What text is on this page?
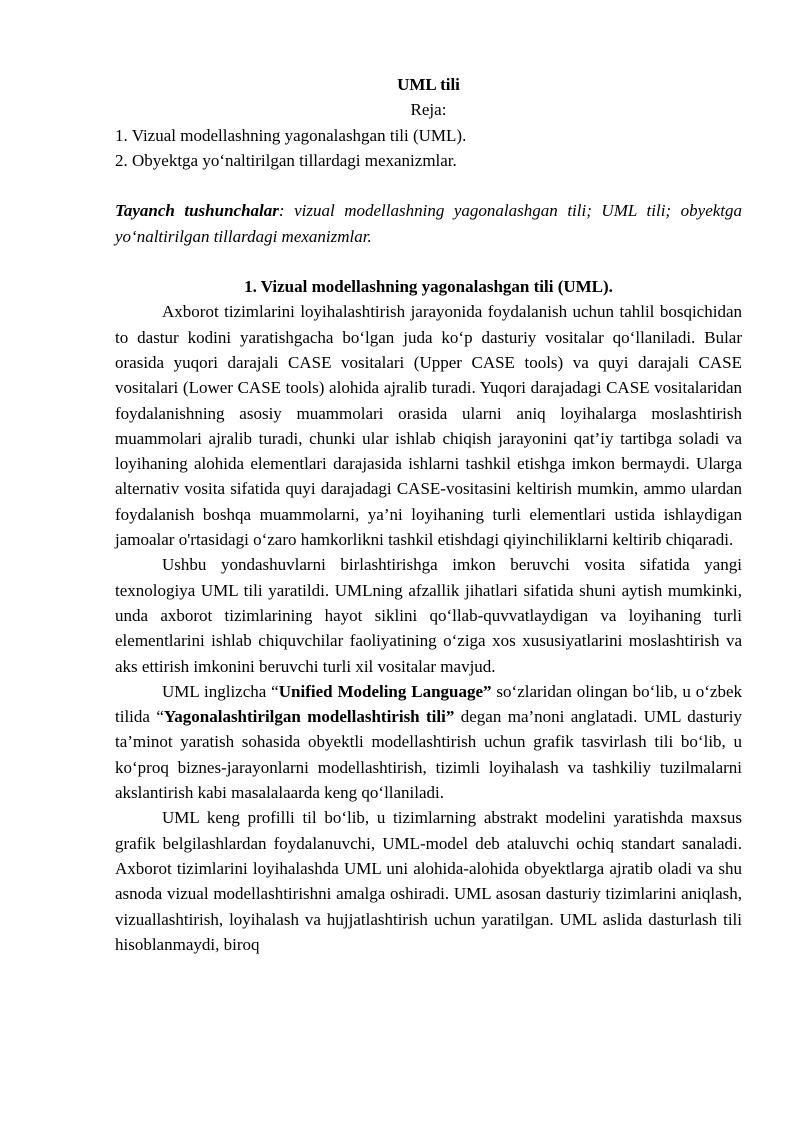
UML tili

Reja:

1. Vizual modellashning yagonalashgan tili (UML).

2. Obyektga yo‘naltirilgan tillardagi mexanizmlar.

Tayanch tushunchalar: vizual modellashning yagonalashgan tili; UML tili; obyektga yo‘naltirilgan tillardagi mexanizmlar.

1. Vizual modellashning yagonalashgan tili (UML).

Axborot tizimlarini loyihalashtirish jarayonida foydalanish uchun tahlil bosqichidan to dastur kodini yaratishgacha bo‘lgan juda ko‘p dasturiy vositalar qo‘llaniladi. Bular orasida yuqori darajali CASE vositalari (Upper CASE tools) va quyi darajali CASE vositalari (Lower CASE tools) alohida ajralib turadi. Yuqori darajadagi CASE vositalaridan foydalanishning asosiy muammolari orasida ularni aniq loyihalarga moslashtirish muammolari ajralib turadi, chunki ular ishlab chiqish jarayonini qat’iy tartibga soladi va loyihaning alohida elementlari darajasida ishlarni tashkil etishga imkon bermaydi. Ularga alternativ vosita sifatida quyi darajadagi CASE-vositasini keltirish mumkin, ammo ulardan foydalanish boshqa muammolarni, ya’ni loyihaning turli elementlari ustida ishlaydigan jamoalar o'rtasidagi o‘zaro hamkorlikni tashkil etishdagi qiyinchiliklarni keltirib chiqaradi.

Ushbu yondashuvlarni birlashtirishga imkon beruvchi vosita sifatida yangi texnologiya UML tili yaratildi. UMLning afzallik jihatlari sifatida shuni aytish mumkinki, unda axborot tizimlarining hayot siklini qo‘llab-quvvatlaydigan va loyihaning turli elementlarini ishlab chiquvchilar faoliyatining o‘ziga xos xususiyatlarini moslashtirish va aks ettirish imkonini beruvchi turli xil vositalar mavjud.

UML inglizcha “Unified Modeling Language” so‘zlaridan olingan bo‘lib, u o‘zbek tilida “Yagonalashtirilgan modellashtirish tili” degan ma’noni anglatadi. UML dasturiy ta’minot yaratish sohasida obyektli modellashtirish uchun grafik tasvirlash tili bo‘lib, u ko‘proq biznes-jarayonlarni modellashtirish, tizimli loyihalash va tashkiliy tuzilmalarni akslantirish kabi masalalaarda keng qo‘llaniladi.

UML keng profilli til bo‘lib, u tizimlarning abstrakt modelini yaratishda maxsus grafik belgilashlardan foydalanuvchi, UML-model deb ataluvchi ochiq standart sanaladi. Axborot tizimlarini loyihalashda UML uni alohida-alohida obyektlarga ajratib oladi va shu asnoda vizual modellashtirishni amalga oshiradi. UML asosan dasturiy tizimlarini aniqlash, vizuallashtirish, loyihalash va hujjatlashtirish uchun yaratilgan. UML aslida dasturlash tili hisoblanmaydi, biroq
